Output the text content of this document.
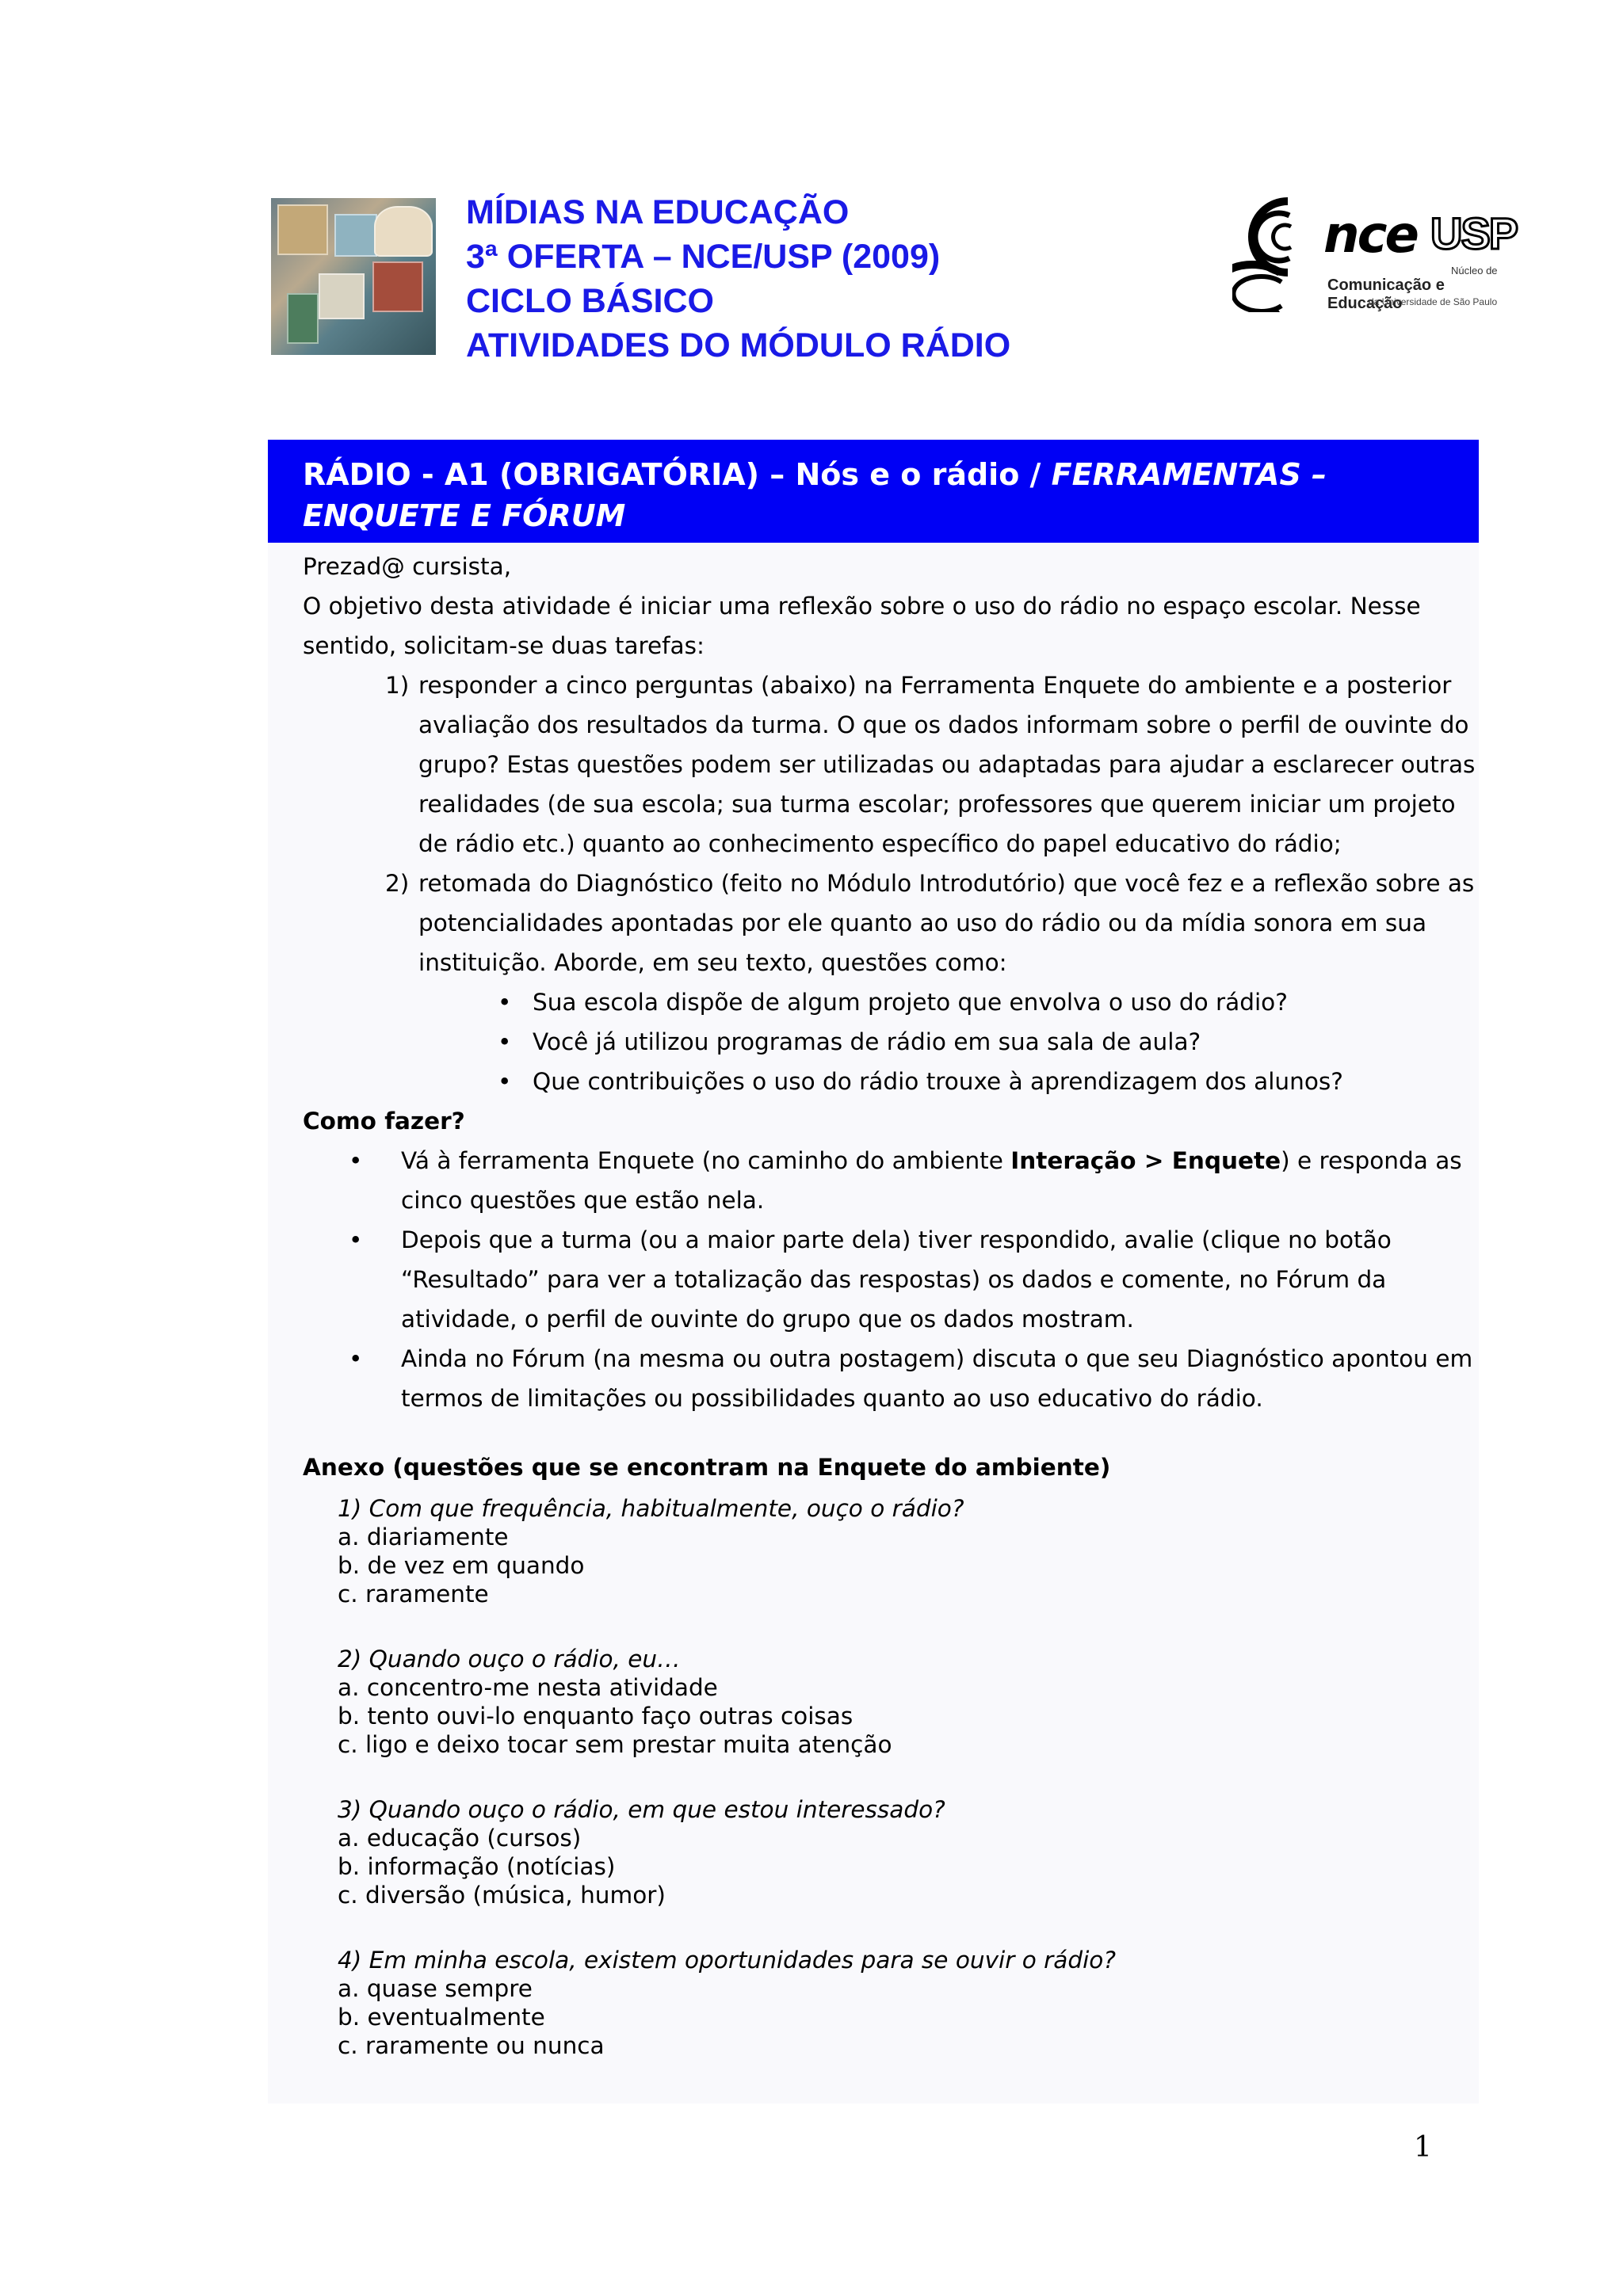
MÍDIAS NA EDUCAÇÃO
3ª OFERTA – NCE/USP (2009)
CICLO BÁSICO
ATIVIDADES DO MÓDULO RÁDIO
nce USP
Núcleo de
Comunicação e Educação
da Universidade de São Paulo
RÁDIO - A1 (OBRIGATÓRIA) – Nós e o rádio / FERRAMENTAS – ENQUETE E FÓRUM

Prezad@ cursista,

O objetivo desta atividade é iniciar uma reflexão sobre o uso do rádio no espaço escolar. Nesse sentido, solicitam-se duas tarefas:

1) responder a cinco perguntas (abaixo) na Ferramenta Enquete do ambiente e a posterior avaliação dos resultados da turma. O que os dados informam sobre o perfil de ouvinte do grupo? Estas questões podem ser utilizadas ou adaptadas para ajudar a esclarecer outras realidades (de sua escola; sua turma escolar; professores que querem iniciar um projeto de rádio etc.) quanto ao conhecimento específico do papel educativo do rádio;
2) retomada do Diagnóstico (feito no Módulo Introdutório) que você fez e a reflexão sobre as potencialidades apontadas por ele quanto ao uso do rádio ou da mídia sonora em sua instituição. Aborde, em seu texto, questões como:
• Sua escola dispõe de algum projeto que envolva o uso do rádio?
• Você já utilizou programas de rádio em sua sala de aula?
• Que contribuições o uso do rádio trouxe à aprendizagem dos alunos?

Como fazer?

• Vá à ferramenta Enquete (no caminho do ambiente Interação > Enquete) e responda as cinco questões que estão nela.
• Depois que a turma (ou a maior parte dela) tiver respondido, avalie (clique no botão “Resultado” para ver a totalização das respostas) os dados e comente, no Fórum da atividade, o perfil de ouvinte do grupo que os dados mostram.
• Ainda no Fórum (na mesma ou outra postagem) discuta o que seu Diagnóstico apontou em termos de limitações ou possibilidades quanto ao uso educativo do rádio.
Anexo (questões que se encontram na Enquete do ambiente)
1) Com que frequência, habitualmente, ouço o rádio?
a. diariamente
b. de vez em quando
c. raramente
2) Quando ouço o rádio, eu…
a. concentro-me nesta atividade
b. tento ouvi-lo enquanto faço outras coisas
c. ligo e deixo tocar sem prestar muita atenção
3) Quando ouço o rádio, em que estou interessado?
a. educação (cursos)
b. informação (notícias)
c. diversão (música, humor)
4) Em minha escola, existem oportunidades para se ouvir o rádio?
a. quase sempre
b. eventualmente
c. raramente ou nunca
1
